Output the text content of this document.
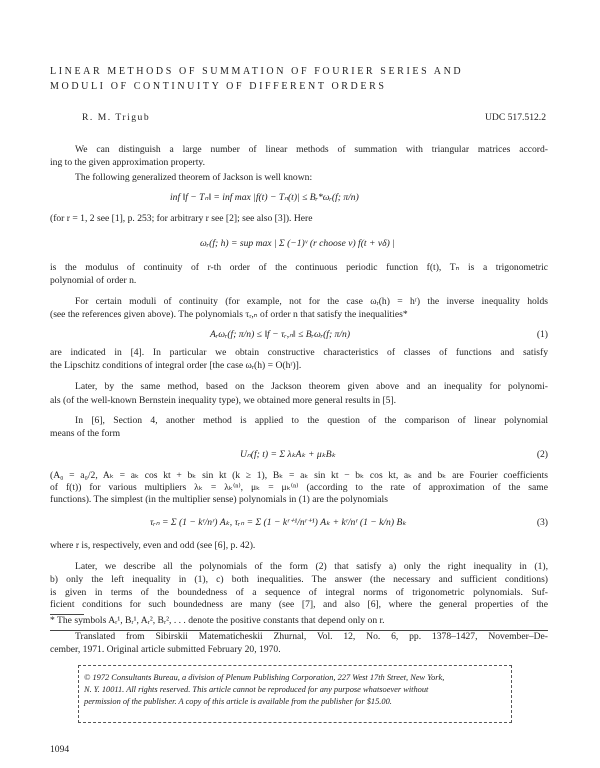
LINEAR METHODS OF SUMMATION OF FOURIER SERIES AND
MODULI OF CONTINUITY OF DIFFERENT ORDERS
R. M. Trigub	UDC 517.512.2
We can distinguish a large number of linear methods of summation with triangular matrices accord-
ing to the given approximation property.
The following generalized theorem of Jackson is well known:
inf ‖f − Tₙ‖ = inf max |f(t) − Tₙ(t)| ≤ Bᵣ*ωᵣ(f; π/n)
(for r = 1, 2 see [1], p. 253; for arbitrary r see [2]; see also [3]). Here
ωᵣ(f; h) = sup max | Σ (−1)ᵛ (r choose ν) f(t + νδ) |
is the modulus of continuity of r-th order of the continuous periodic function f(t), Tₙ is a trigonometric
polynomial of order n.
For certain moduli of continuity (for example, not for the case ωᵣ(h) = hʳ) the inverse inequality holds
(see the references given above). The polynomials τᵣ,ₙ of order n that satisfy the inequalities*
Aᵣωᵣ(f; π/n) ≤ ‖f − τᵣ,ₙ‖ ≤ Bᵣωᵣ(f; π/n)	(1)
are indicated in [4]. In particular we obtain constructive characteristics of classes of functions and satisfy
the Lipschitz conditions of integral order [the case ωᵣ(h) = O(hʳ)].
Later, by the same method, based on the Jackson theorem given above and an inequality for polynomi-
als (of the well-known Bernstein inequality type), we obtained more general results in [5].
In [6], Section 4, another method is applied to the question of the comparison of linear polynomial
means of the form
Uₙ(f; t) = Σ λₖAₖ + μₖBₖ	(2)
(A₀ = a₀/2, Aₖ = aₖ cos kt + bₖ sin kt (k ≥ 1), Bₖ = aₖ sin kt − bₖ cos kt, aₖ and bₖ are Fourier coefficients
of f(t)) for various multipliers λₖ = λₖ⁽ⁿ⁾, μₖ = μₖ⁽ⁿ⁾ (according to the rate of approximation of the same
functions). The simplest (in the multiplier sense) polynomials in (1) are the polynomials
τᵣₙ = Σ (1 − kʳ/nʳ) Aₖ, τᵣₙ = Σ (1 − kʳ⁺¹/nʳ⁺¹) Aₖ + kʳ/nʳ (1 − k/n) Bₖ	(3)
where r is, respectively, even and odd (see [6], p. 42).
Later, we describe all the polynomials of the form (2) that satisfy a) only the right inequality in (1),
b) only the left inequality in (1), c) both inequalities. The answer (the necessary and sufficient conditions)
is given in terms of the boundedness of a sequence of integral norms of trigonometric polynomials. Suf-
ficient conditions for such boundedness are many (see [7], and also [6], where the general properties of the
* The symbols Aᵣ¹, Bᵣ¹, Aᵣ², Bᵣ², . . . denote the positive constants that depend only on r.
Translated from Sibirskii Matematicheskii Zhurnal, Vol. 12, No. 6, pp. 1378–1427, November–De-
cember, 1971. Original article submitted February 20, 1970.
© 1972 Consultants Bureau, a division of Plenum Publishing Corporation, 227 West 17th Street, New York,
N. Y. 10011. All rights reserved. This article cannot be reproduced for any purpose whatsoever without
permission of the publisher. A copy of this article is available from the publisher for $15.00.
1094
